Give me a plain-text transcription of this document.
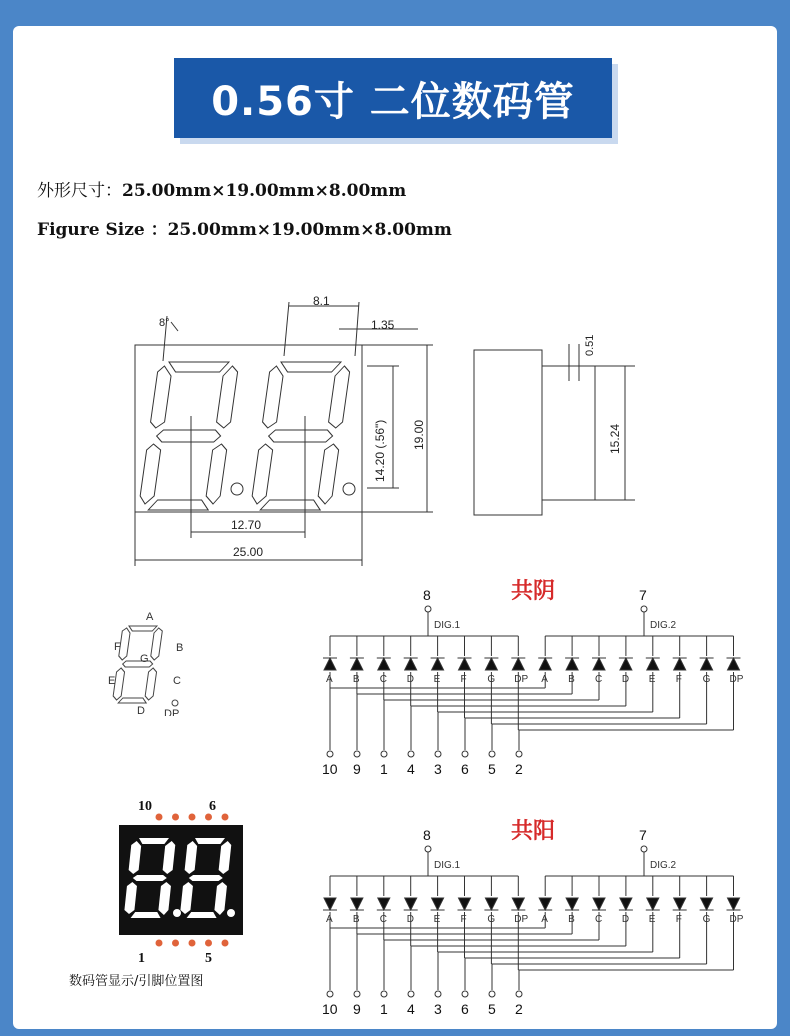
0.56寸 二位数码管
外形尺寸：25.00mm×19.00mm×8.00mm
Figure Size ：25.00mm×19.00mm×8.00mm
8°
8.1
1.35
14.20 (.56") 19.00
12.70
25.00
0.51
15.24
A
B
C
D
E
F
G
DP
共阴
8
DIG.1
7
DIG.2
A B C D E F G DP A B C D E F G DP
10 9 1 4 3 6 5 2
10	6
1	5
数码管显示/引脚位置图
共阳
8
DIG.1
7
DIG.2
A B C D E F G DP A B C D E F G DP
10 9 1 4 3 6 5 2
